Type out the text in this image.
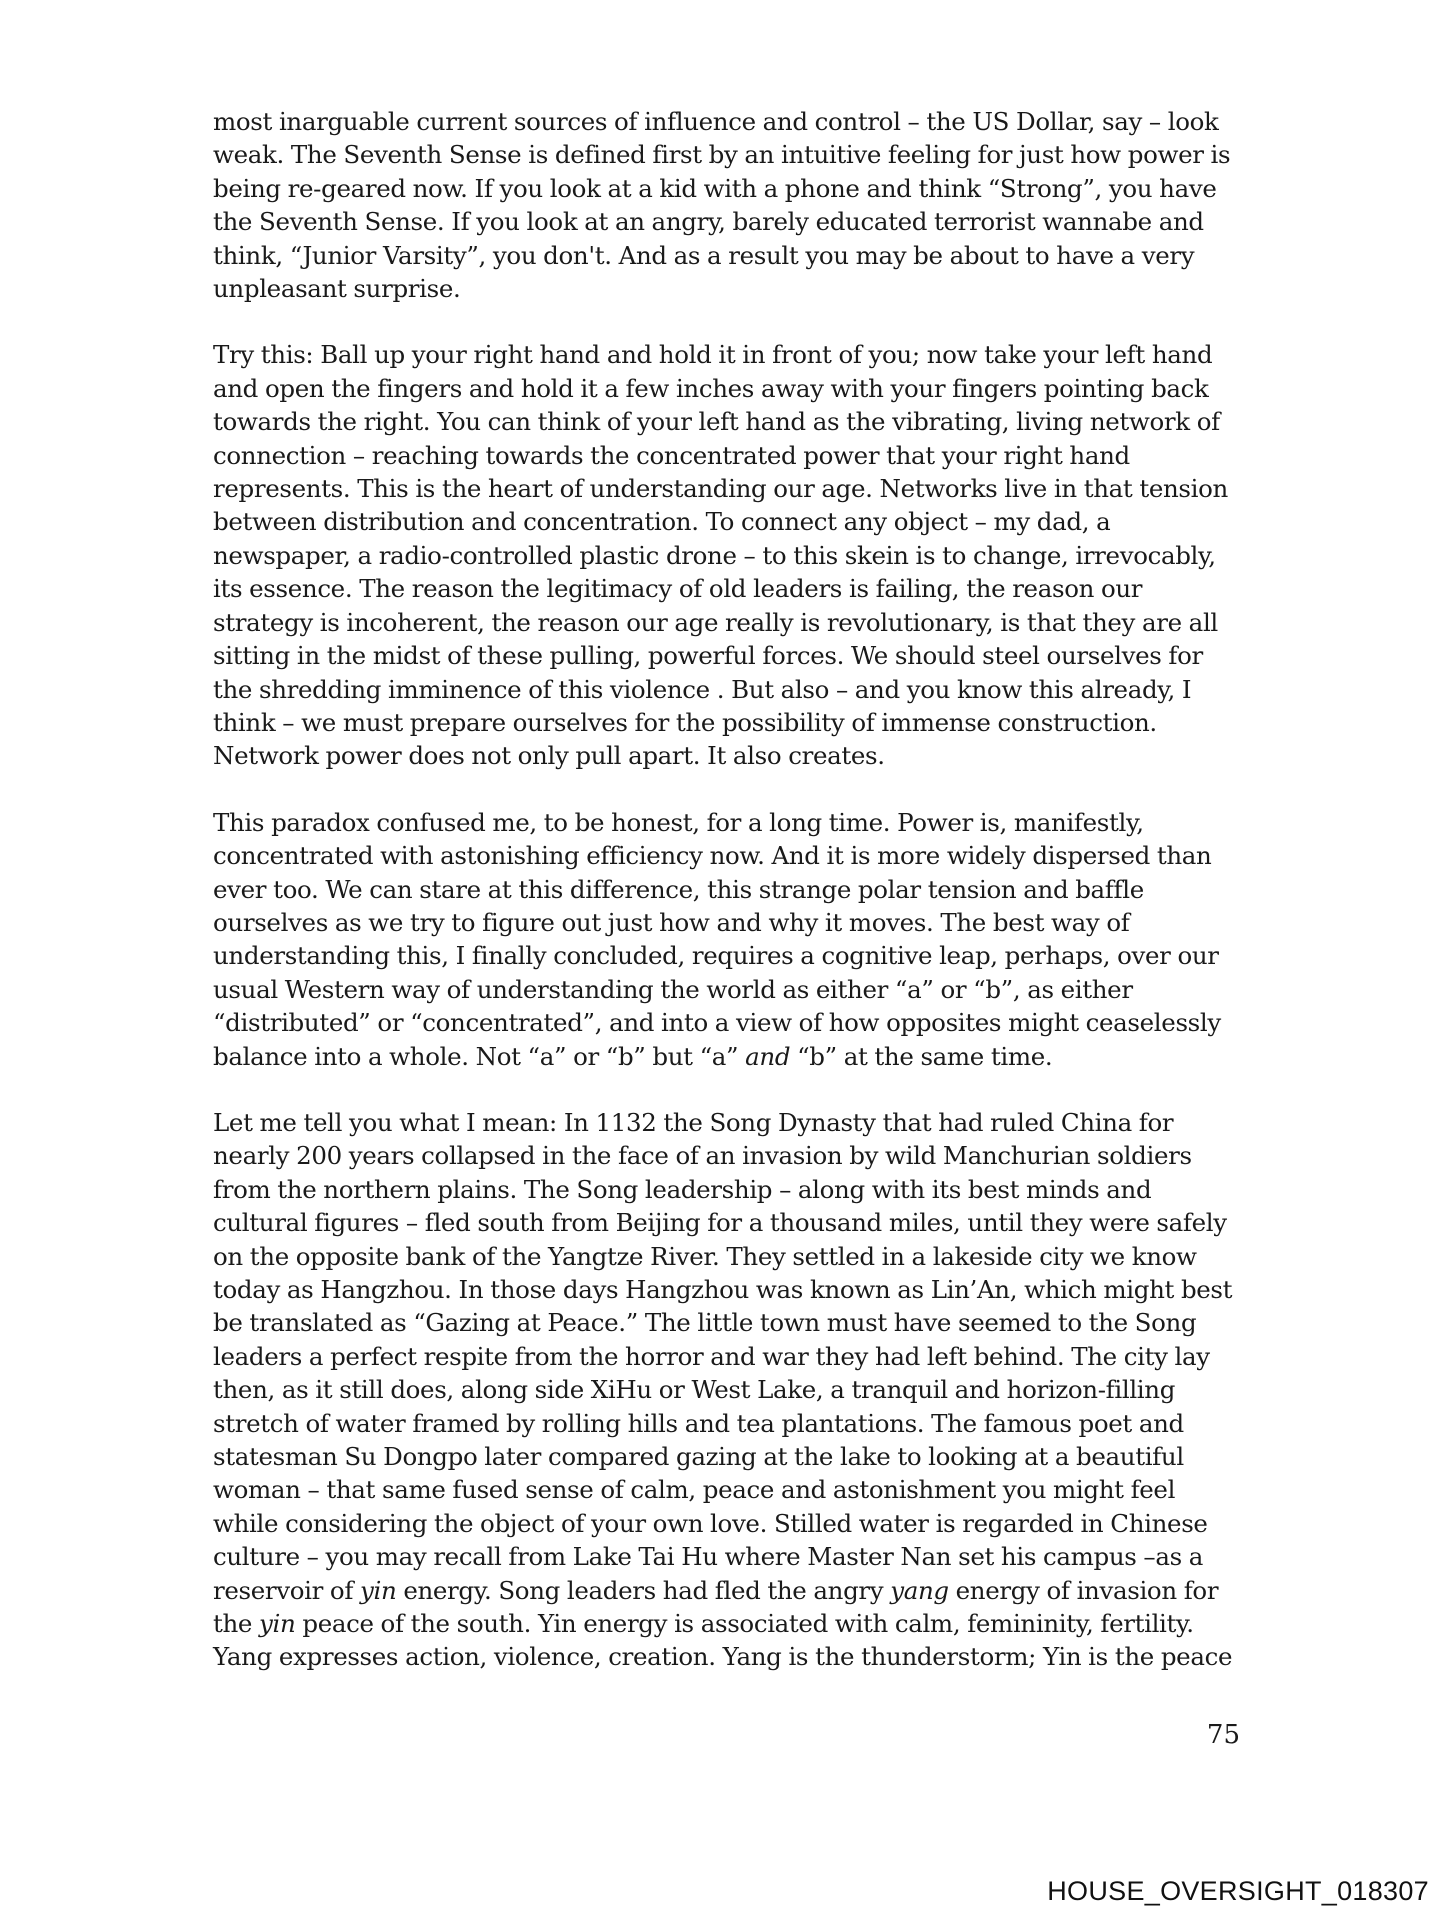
most inarguable current sources of influence and control – the US Dollar, say – look weak. The Seventh Sense is defined first by an intuitive feeling for just how power is being re-geared now. If you look at a kid with a phone and think “Strong”, you have the Seventh Sense. If you look at an angry, barely educated terrorist wannabe and think, “Junior Varsity”, you don't. And as a result you may be about to have a very unpleasant surprise.

Try this: Ball up your right hand and hold it in front of you; now take your left hand and open the fingers and hold it a few inches away with your fingers pointing back towards the right. You can think of your left hand as the vibrating, living network of connection – reaching towards the concentrated power that your right hand represents. This is the heart of understanding our age. Networks live in that tension between distribution and concentration. To connect any object – my dad, a newspaper, a radio-controlled plastic drone – to this skein is to change, irrevocably, its essence. The reason the legitimacy of old leaders is failing, the reason our strategy is incoherent, the reason our age really is revolutionary, is that they are all sitting in the midst of these pulling, powerful forces. We should steel ourselves for the shredding imminence of this violence . But also – and you know this already, I think – we must prepare ourselves for the possibility of immense construction. Network power does not only pull apart. It also creates.

This paradox confused me, to be honest, for a long time. Power is, manifestly, concentrated with astonishing efficiency now. And it is more widely dispersed than ever too. We can stare at this difference, this strange polar tension and baffle ourselves as we try to figure out just how and why it moves. The best way of understanding this, I finally concluded, requires a cognitive leap, perhaps, over our usual Western way of understanding the world as either “a” or “b”, as either “distributed” or “concentrated”, and into a view of how opposites might ceaselessly balance into a whole. Not “a” or “b” but “a” and “b” at the same time.

Let me tell you what I mean: In 1132 the Song Dynasty that had ruled China for nearly 200 years collapsed in the face of an invasion by wild Manchurian soldiers from the northern plains. The Song leadership – along with its best minds and cultural figures – fled south from Beijing for a thousand miles, until they were safely on the opposite bank of the Yangtze River. They settled in a lakeside city we know today as Hangzhou. In those days Hangzhou was known as Lin’An, which might best be translated as “Gazing at Peace.” The little town must have seemed to the Song leaders a perfect respite from the horror and war they had left behind. The city lay then, as it still does, along side XiHu or West Lake, a tranquil and horizon-filling stretch of water framed by rolling hills and tea plantations. The famous poet and statesman Su Dongpo later compared gazing at the lake to looking at a beautiful woman – that same fused sense of calm, peace and astonishment you might feel while considering the object of your own love. Stilled water is regarded in Chinese culture – you may recall from Lake Tai Hu where Master Nan set his campus –as a reservoir of yin energy. Song leaders had fled the angry yang energy of invasion for the yin peace of the south. Yin energy is associated with calm, femininity, fertility. Yang expresses action, violence, creation. Yang is the thunderstorm; Yin is the peace

75
HOUSE_OVERSIGHT_018307
